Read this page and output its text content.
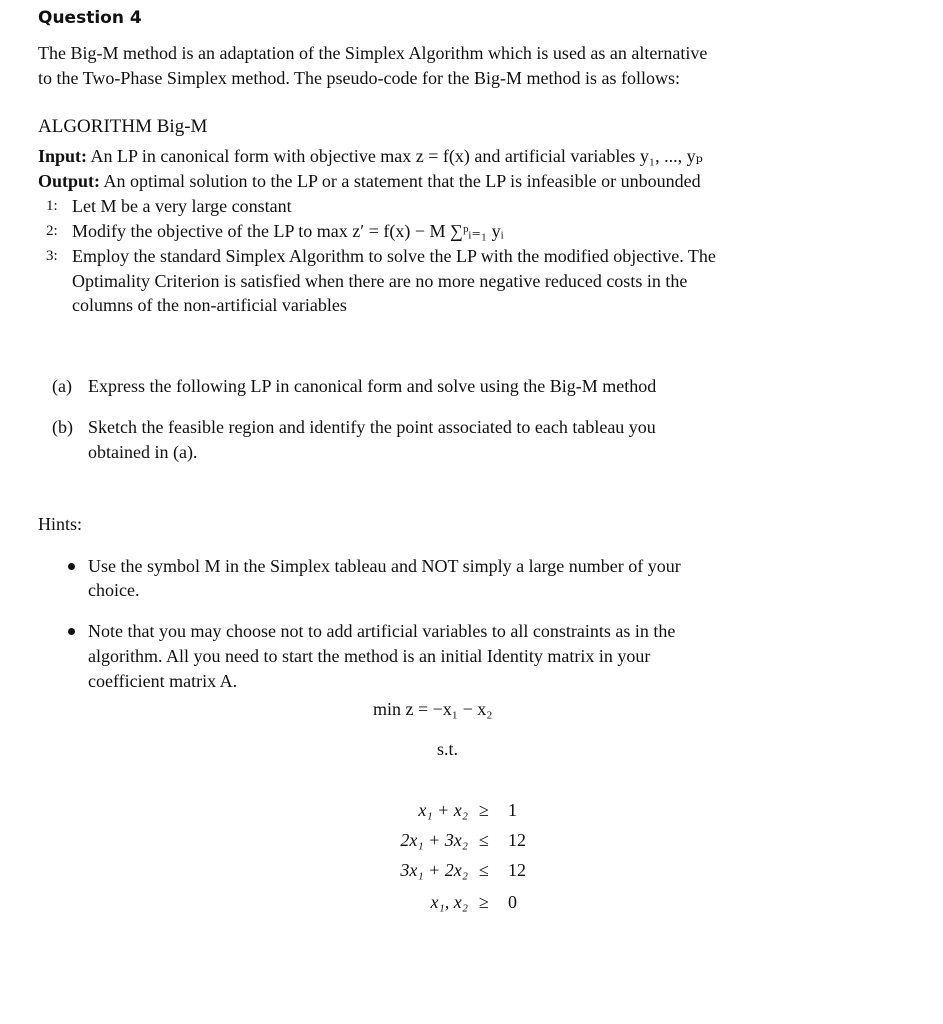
Question 4
The Big-M method is an adaptation of the Simplex Algorithm which is used as an alternative
to the Two-Phase Simplex method. The pseudo-code for the Big-M method is as follows:
ALGORITHM Big-M
Input: An LP in canonical form with objective max z = f(x) and artificial variables y₁, ..., yₚ
Output: An optimal solution to the LP or a statement that the LP is infeasible or unbounded
1: Let M be a very large constant
2: Modify the objective of the LP to max z′ = f(x) − M ∑ᵖᵢ₌₁ yᵢ
3: Employ the standard Simplex Algorithm to solve the LP with the modified objective. The
Optimality Criterion is satisfied when there are no more negative reduced costs in the
columns of the non-artificial variables
(a) Express the following LP in canonical form and solve using the Big-M method
(b) Sketch the feasible region and identify the point associated to each tableau you
obtained in (a).
Hints:
Use the symbol M in the Simplex tableau and NOT simply a large number of your
choice.
Note that you may choose not to add artificial variables to all constraints as in the
algorithm. All you need to start the method is an initial Identity matrix in your
coefficient matrix A.
min z = −x₁ − x₂
s.t.
x₁ + x₂ ≥ 1
2x₁ + 3x₂ ≤ 12
3x₁ + 2x₂ ≤ 12
x₁, x₂ ≥ 0
